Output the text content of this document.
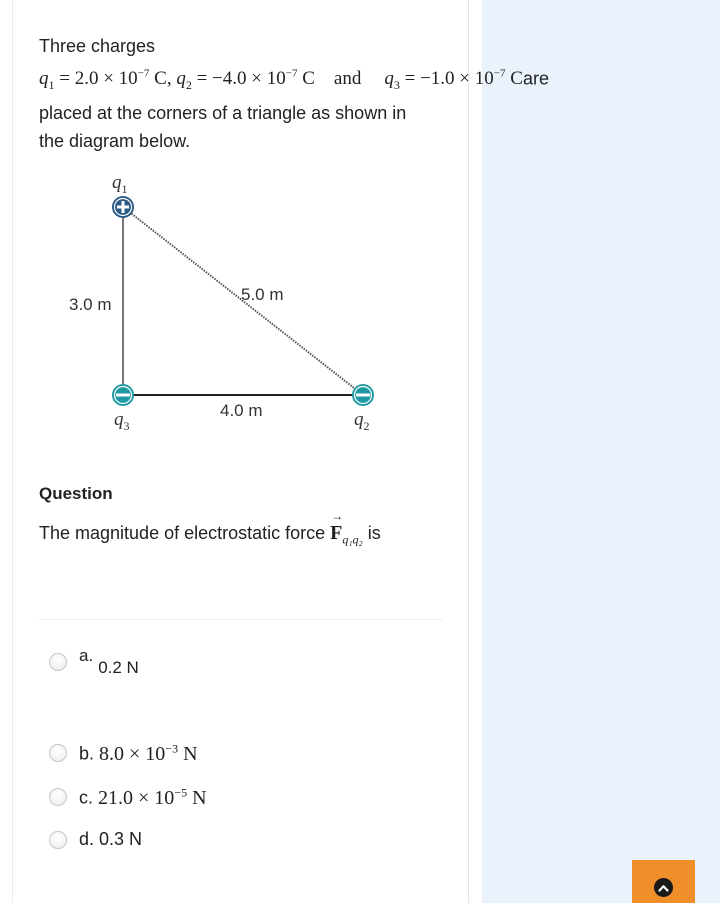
Three charges
$q_1 = 2.0 \times 10^{-7}$ C, $q_2 = -4.0 \times 10^{-7}$ C and $q_3 = -1.0 \times 10^{-7}$ Care
placed at the corners of a triangle as shown in
the diagram below.
$q_1$
$q_3$	$q_2$
3.0 m
5.0 m
4.0 m
Question
The magnitude of electrostatic force
→
$F_{q_1q_2}$ is
a.
0.2 N
b. $8.0 \times 10^{-3}$ N
c. $21.0 \times 10^{-5}$ N
d. 0.3 N
